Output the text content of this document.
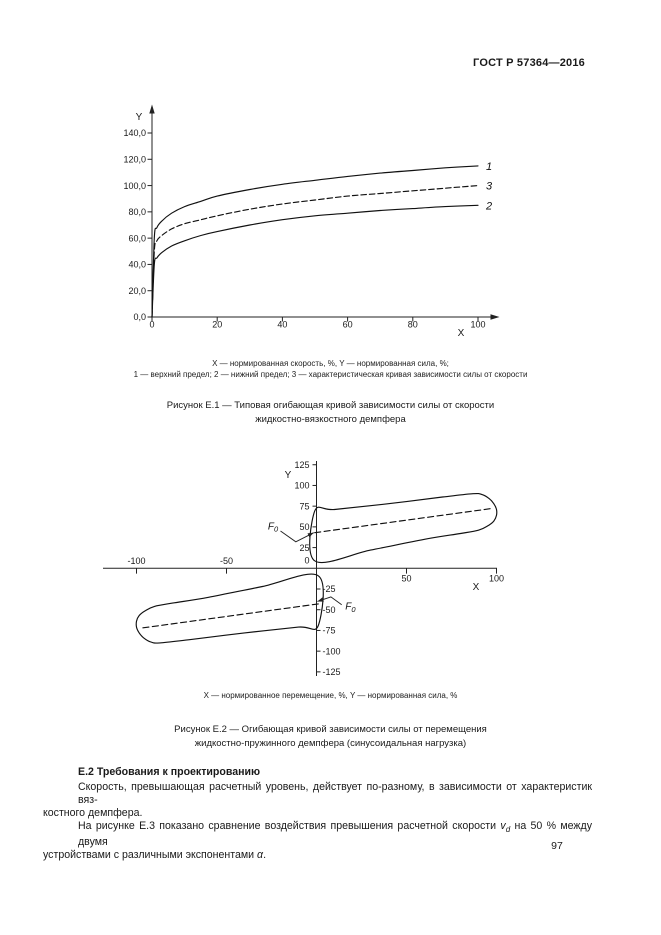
ГОСТ Р 57364—2016
0,0
20,0
40,0
60,0
80,0
100,0
120,0
140,0
0	20	40	60	80	100
Y
X
1
3
2
X — нормированная скорость, %, Y — нормированная сила, %;
1 — верхний предел; 2 — нижний предел; 3 — характеристическая кривая зависимости силы от скорости
Рисунок Е.1 — Типовая огибающая кривой зависимости силы от скорости
жидкостно-вязкостного демпфера
-100	-50
50	100
125
100
75
50
25
0
-25
-50
-75
-100
-125
Y
X
$F_0$
$F_0$
X — нормированное перемещение, %, Y — нормированная сила, %
Рисунок Е.2 — Огибающая кривой зависимости силы от перемещения
жидкостно-пружинного демпфера (синусоидальная нагрузка)
Е.2 Требования к проектированию
Скорость, превышающая расчетный уровень, действует по-разному, в зависимости от характеристик вяз-
костного демпфера.
На рисунке Е.3 показано сравнение воздействия превышения расчетной скорости $v_d$ на 50 % между двумя
устройствами с различными экспонентами α.
97
